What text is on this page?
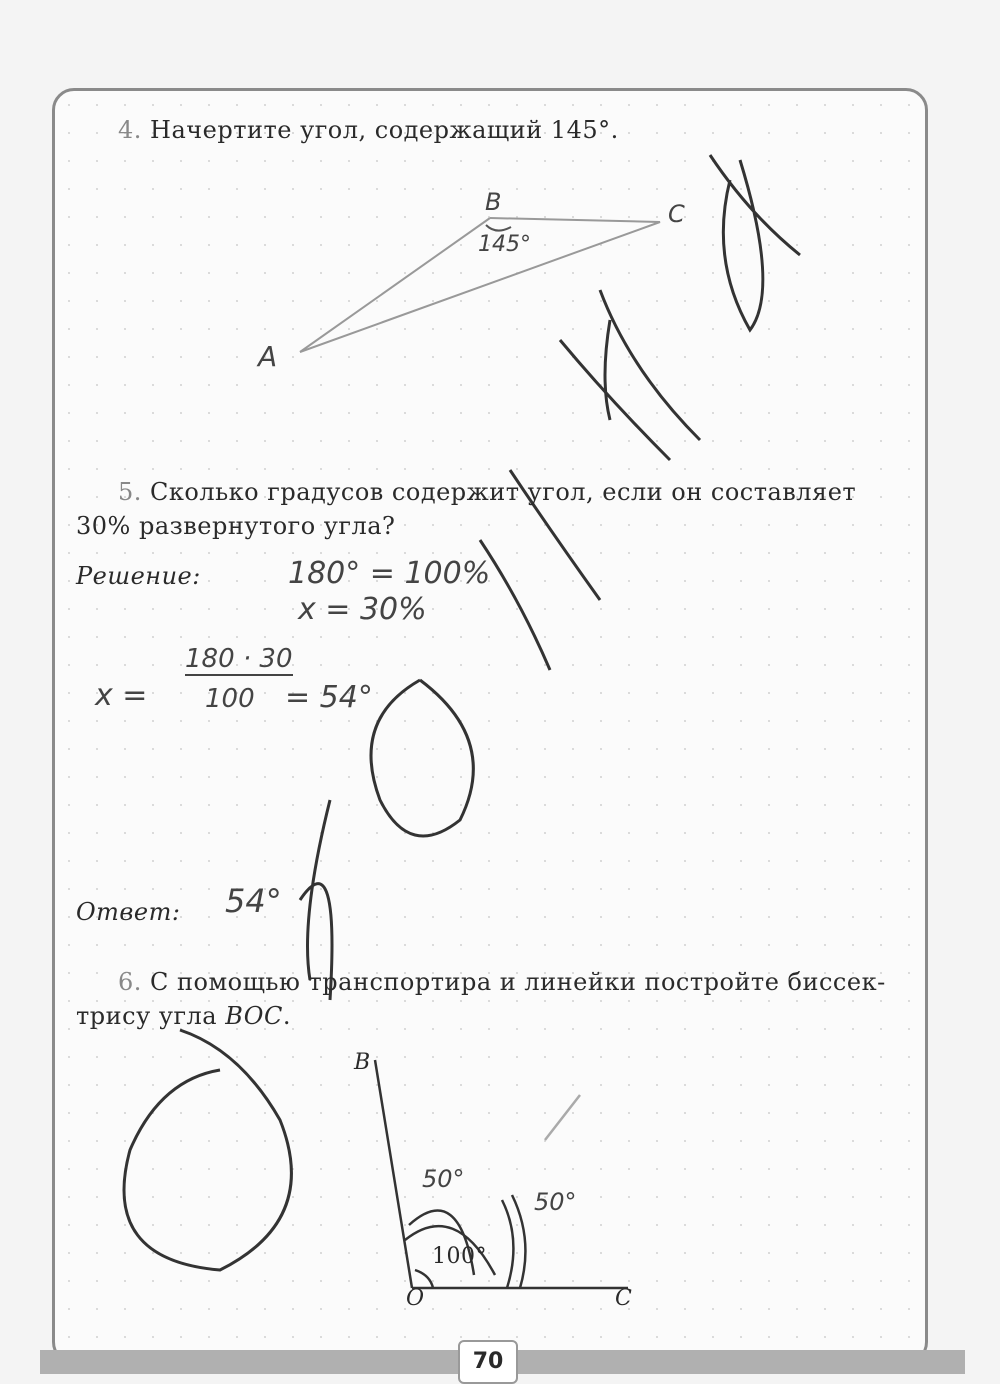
4. Начертите угол, содержащий 145°.
B	C
145°
A
5. Сколько градусов содержит угол, если он составляет
30% развернутого угла?
Решение:	180° = 100%
x = 30%
x =
180 · 30
100 = 54°
Ответ: 54°
6. С помощью транспортира и линейки постройте биссек-
трису угла BOC.
B
O	C
100°
50°
50°
70
